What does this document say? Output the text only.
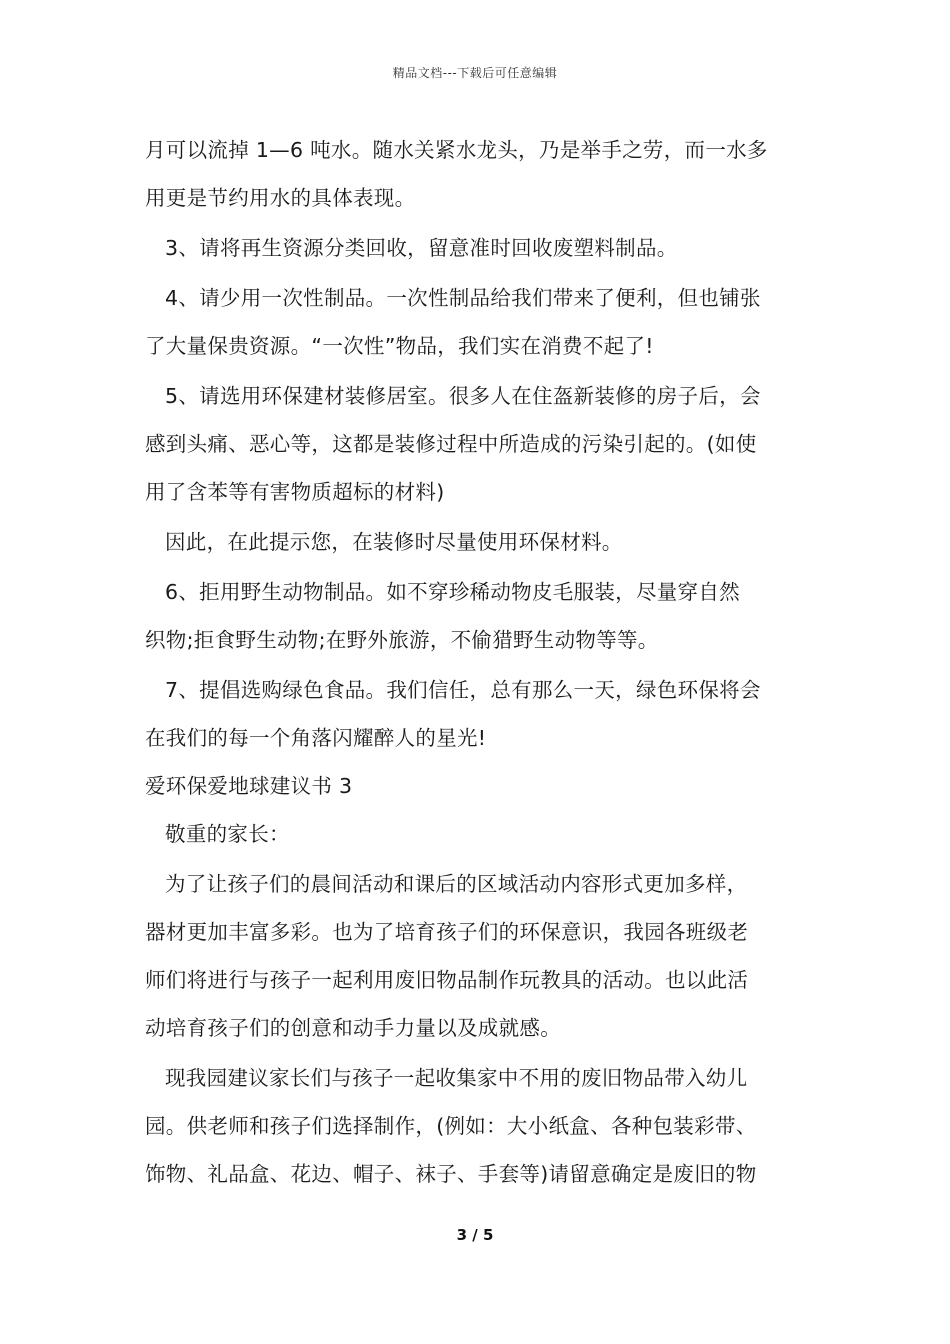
精品文档---下载后可任意编辑
月可以流掉 1—6 吨水。随水关紧水龙头，乃是举手之劳，而一水多
用更是节约用水的具体表现。
3、请将再生资源分类回收，留意准时回收废塑料制品。
4、请少用一次性制品。一次性制品给我们带来了便利，但也铺张
了大量保贵资源。“一次性”物品，我们实在消费不起了!
5、请选用环保建材装修居室。很多人在住盔新装修的房子后，会
感到头痛、恶心等，这都是装修过程中所造成的污染引起的。(如使
用了含苯等有害物质超标的材料)
因此，在此提示您，在装修时尽量使用环保材料。
6、拒用野生动物制品。如不穿珍稀动物皮毛服装，尽量穿自然
织物;拒食野生动物;在野外旅游，不偷猎野生动物等等。
7、提倡选购绿色食品。我们信任，总有那么一天，绿色环保将会
在我们的每一个角落闪耀醉人的星光!
爱环保爱地球建议书 3
敬重的家长：
为了让孩子们的晨间活动和课后的区域活动内容形式更加多样，
器材更加丰富多彩。也为了培育孩子们的环保意识，我园各班级老
师们将进行与孩子一起利用废旧物品制作玩教具的活动。也以此活
动培育孩子们的创意和动手力量以及成就感。
现我园建议家长们与孩子一起收集家中不用的废旧物品带入幼儿
园。供老师和孩子们选择制作，(例如：大小纸盒、各种包装彩带、
饰物、礼品盒、花边、帽子、袜子、手套等)请留意确定是废旧的物
3 / 5
